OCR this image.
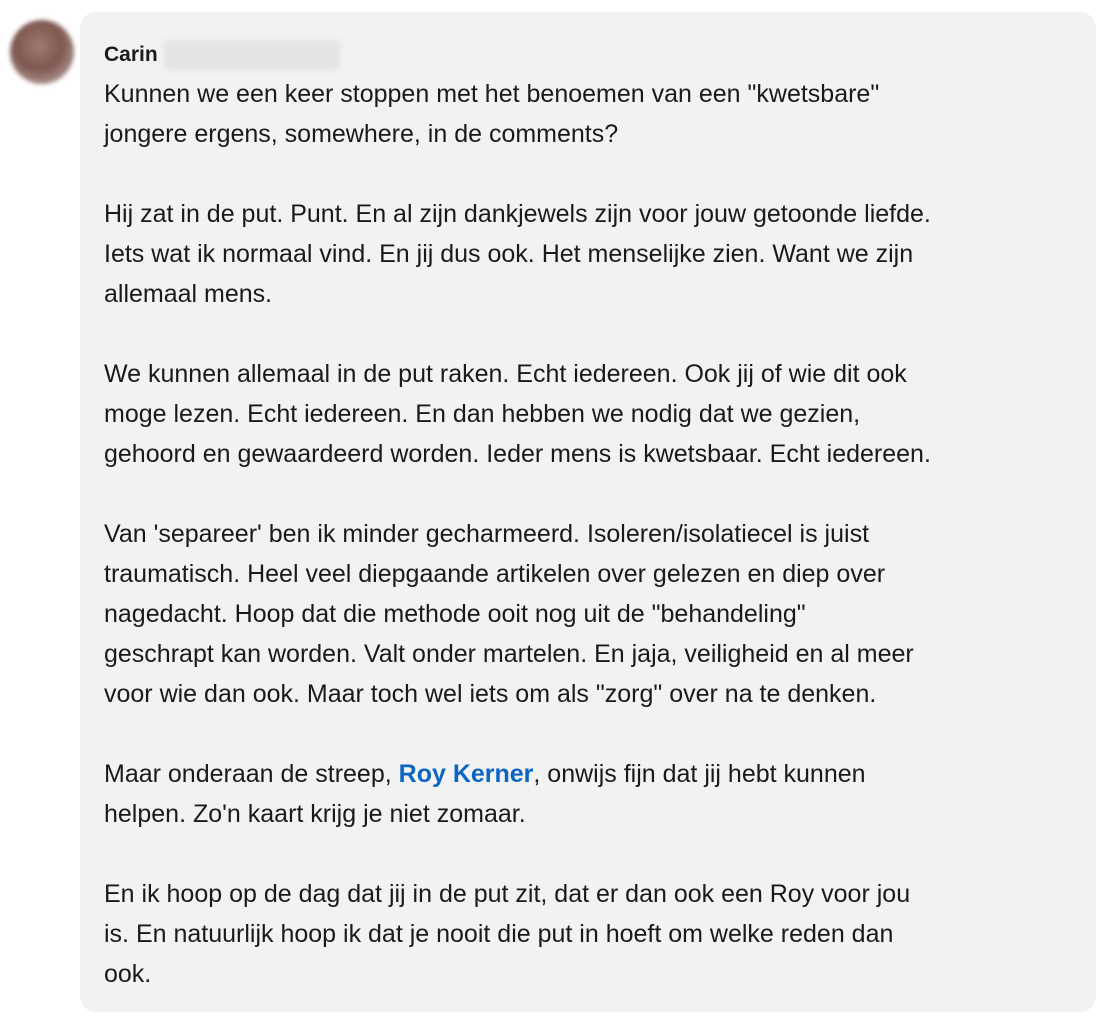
Carin
Kunnen we een keer stoppen met het benoemen van een "kwetsbare"
jongere ergens, somewhere, in de comments?
Hij zat in de put. Punt. En al zijn dankjewels zijn voor jouw getoonde liefde.
Iets wat ik normaal vind. En jij dus ook. Het menselijke zien. Want we zijn
allemaal mens.
We kunnen allemaal in de put raken. Echt iedereen. Ook jij of wie dit ook
moge lezen. Echt iedereen. En dan hebben we nodig dat we gezien,
gehoord en gewaardeerd worden. Ieder mens is kwetsbaar. Echt iedereen.
Van 'separeer' ben ik minder gecharmeerd. Isoleren/isolatiecel is juist
traumatisch. Heel veel diepgaande artikelen over gelezen en diep over
nagedacht. Hoop dat die methode ooit nog uit de "behandeling"
geschrapt kan worden. Valt onder martelen. En jaja, veiligheid en al meer
voor wie dan ook. Maar toch wel iets om als "zorg" over na te denken.
Maar onderaan de streep, Roy Kerner, onwijs fijn dat jij hebt kunnen
helpen. Zo'n kaart krijg je niet zomaar.
En ik hoop op de dag dat jij in de put zit, dat er dan ook een Roy voor jou
is. En natuurlijk hoop ik dat je nooit die put in hoeft om welke reden dan
ook.
